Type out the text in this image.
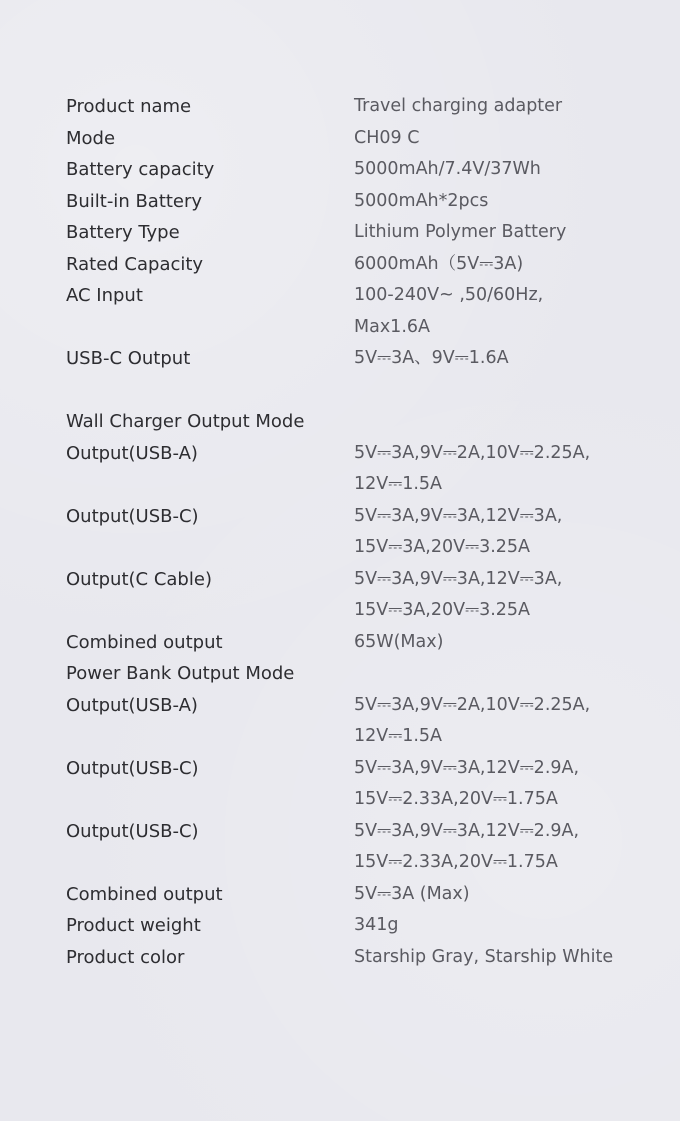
Product name	Travel charging adapter
Mode	CH09 C
Battery capacity	5000mAh/7.4V/37Wh
Built-in Battery	5000mAh*2pcs
Battery Type	Lithium Polymer Battery
Rated Capacity	6000mAh（5V⎓3A)
AC Input	100-240V~ ,50/60Hz,
Max1.6A
USB-C Output	5V⎓3A、9V⎓1.6A
Wall Charger Output Mode
Output(USB-A)	5V⎓3A,9V⎓2A,10V⎓2.25A,
12V⎓1.5A
Output(USB-C)	5V⎓3A,9V⎓3A,12V⎓3A,
15V⎓3A,20V⎓3.25A
Output(C Cable)	5V⎓3A,9V⎓3A,12V⎓3A,
15V⎓3A,20V⎓3.25A
Combined output	65W(Max)
Power Bank Output Mode
Output(USB-A)	5V⎓3A,9V⎓2A,10V⎓2.25A,
12V⎓1.5A
Output(USB-C)	5V⎓3A,9V⎓3A,12V⎓2.9A,
15V⎓2.33A,20V⎓1.75A
Output(USB-C)	5V⎓3A,9V⎓3A,12V⎓2.9A,
15V⎓2.33A,20V⎓1.75A
Combined output	5V⎓3A (Max)
Product weight	341g
Product color	Starship Gray, Starship White
